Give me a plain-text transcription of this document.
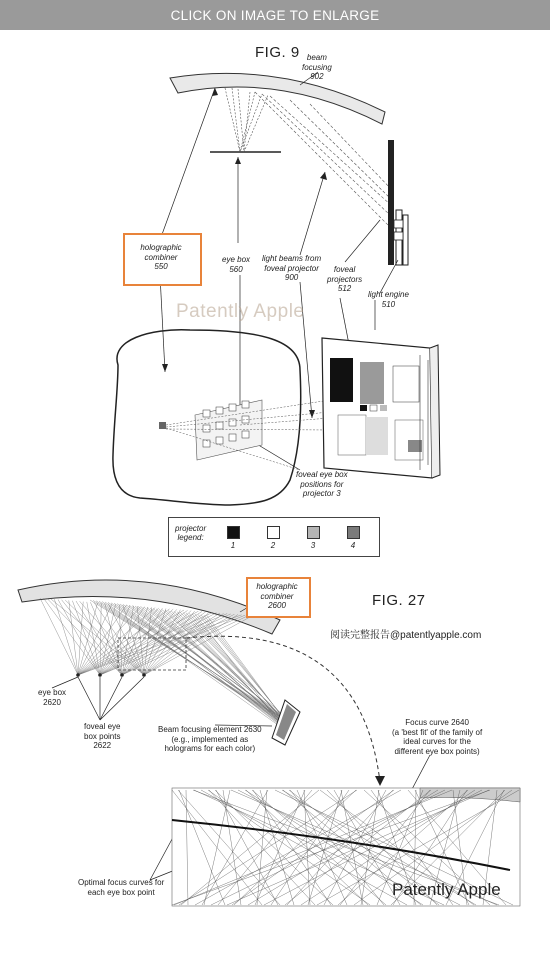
CLICK ON IMAGE TO ENLARGE
FIG. 9 beam
focusing
902
holographic
combiner
550
eye box
560
light beams from
foveal projector
900
foveal
projectors
512
light engine
510
foveal eye box
positions for
projector 3
Patently Apple
projector
legend:
1	2	3	4
FIG. 27
holographic
combiner
2600
阅读完整报告@patentlyapple.com
eye box
2620
foveal eye
box points
2622
Beam focusing element 2630
(e.g., implemented as
holograms for each color)
Focus curve 2640
(a 'best fit' of the family of
ideal curves for the
different eye box points)
Optimal focus curves for
each eye box point	Patently Apple
